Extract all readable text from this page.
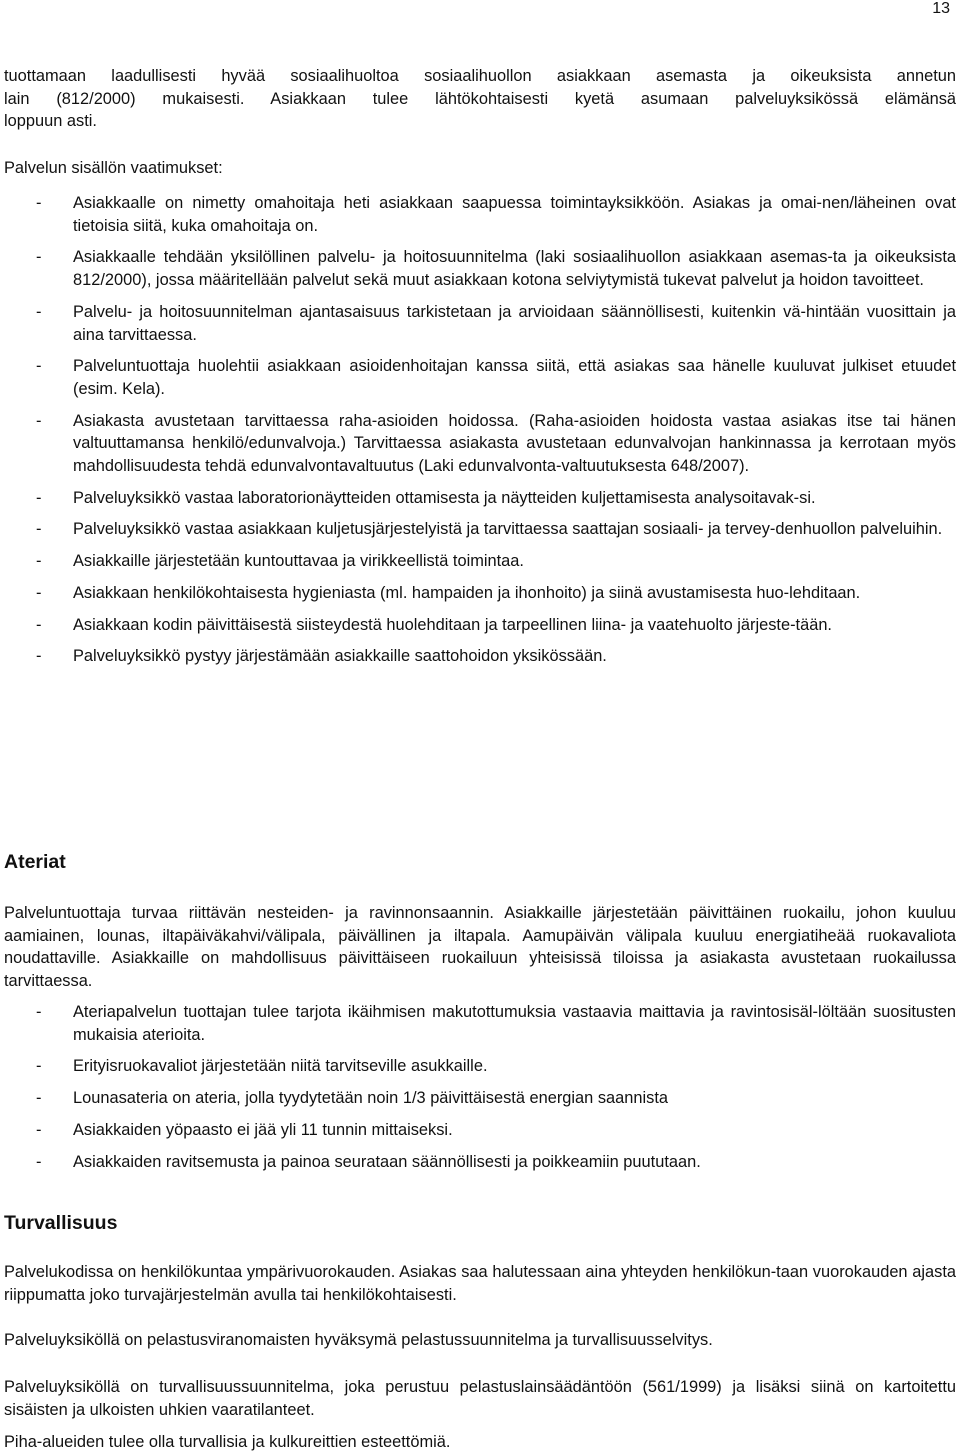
13
tuottamaan laadullisesti hyvää sosiaalihuoltoa sosiaalihuollon asiakkaan asemasta ja oikeuksista annetun
lain (812/2000) mukaisesti. Asiakkaan tulee lähtökohtaisesti kyetä asumaan palveluyksikössä elämänsä
loppuun asti.
Palvelun sisällön vaatimukset:
- Asiakkaalle on nimetty omahoitaja heti asiakkaan saapuessa toimintayksikköön. Asiakas ja omai-nen/läheinen ovat tietoisia siitä, kuka omahoitaja on.
- Asiakkaalle tehdään yksilöllinen palvelu- ja hoitosuunnitelma (laki sosiaalihuollon asiakkaan asemas-ta ja oikeuksista 812/2000), jossa määritellään palvelut sekä muut asiakkaan kotona selviytymistä tukevat palvelut ja hoidon tavoitteet.
- Palvelu- ja hoitosuunnitelman ajantasaisuus tarkistetaan ja arvioidaan säännöllisesti, kuitenkin vä-hintään vuosittain ja aina tarvittaessa.
- Palveluntuottaja huolehtii asiakkaan asioidenhoitajan kanssa siitä, että asiakas saa hänelle kuuluvat julkiset etuudet (esim. Kela).
- Asiakasta avustetaan tarvittaessa raha-asioiden hoidossa. (Raha-asioiden hoidosta vastaa asiakas itse tai hänen valtuuttamansa henkilö/edunvalvoja.) Tarvittaessa asiakasta avustetaan edunvalvojan hankinnassa ja kerrotaan myös mahdollisuudesta tehdä edunvalvontavaltuutus (Laki edunvalvonta-valtuutuksesta 648/2007).
- Palveluyksikkö vastaa laboratorionäytteiden ottamisesta ja näytteiden kuljettamisesta analysoitavak-si.
- Palveluyksikkö vastaa asiakkaan kuljetusjärjestelyistä ja tarvittaessa saattajan sosiaali- ja tervey-denhuollon palveluihin.
- Asiakkaille järjestetään kuntouttavaa ja virikkeellistä toimintaa.
- Asiakkaan henkilökohtaisesta hygieniasta (ml. hampaiden ja ihonhoito) ja siinä avustamisesta huo-lehditaan.
- Asiakkaan kodin päivittäisestä siisteydestä huolehditaan ja tarpeellinen liina- ja vaatehuolto järjeste-tään.
- Palveluyksikkö pystyy järjestämään asiakkaille saattohoidon yksikössään.
Ateriat
Palveluntuottaja turvaa riittävän nesteiden- ja ravinnonsaannin. Asiakkaille järjestetään päivittäinen ruokailu, johon kuuluu aamiainen, lounas, iltapäiväkahvi/välipala, päivällinen ja iltapala. Aamupäivän välipala kuuluu energiatiheää ruokavaliota noudattaville. Asiakkaille on mahdollisuus päivittäiseen ruokailuun yhteisissä tiloissa ja asiakasta avustetaan ruokailussa tarvittaessa.
- Ateriapalvelun tuottajan tulee tarjota ikäihmisen makutottumuksia vastaavia maittavia ja ravintosisäl-löltään suositusten mukaisia aterioita.
- Erityisruokavaliot järjestetään niitä tarvitseville asukkaille.
- Lounasateria on ateria, jolla tyydytetään noin 1/3 päivittäisestä energian saannista
- Asiakkaiden yöpaasto ei jää yli 11 tunnin mittaiseksi.
- Asiakkaiden ravitsemusta ja painoa seurataan säännöllisesti ja poikkeamiin puututaan.
Turvallisuus
Palvelukodissa on henkilökuntaa ympärivuorokauden. Asiakas saa halutessaan aina yhteyden henkilökun-taan vuorokauden ajasta riippumatta joko turvajärjestelmän avulla tai henkilökohtaisesti.
Palveluyksiköllä on pelastusviranomaisten hyväksymä pelastussuunnitelma ja turvallisuusselvitys.
Palveluyksiköllä on turvallisuussuunnitelma, joka perustuu pelastuslainsäädäntöön (561/1999) ja lisäksi siinä on kartoitettu sisäisten ja ulkoisten uhkien vaaratilanteet.
Piha-alueiden tulee olla turvallisia ja kulkureittien esteettömiä.
